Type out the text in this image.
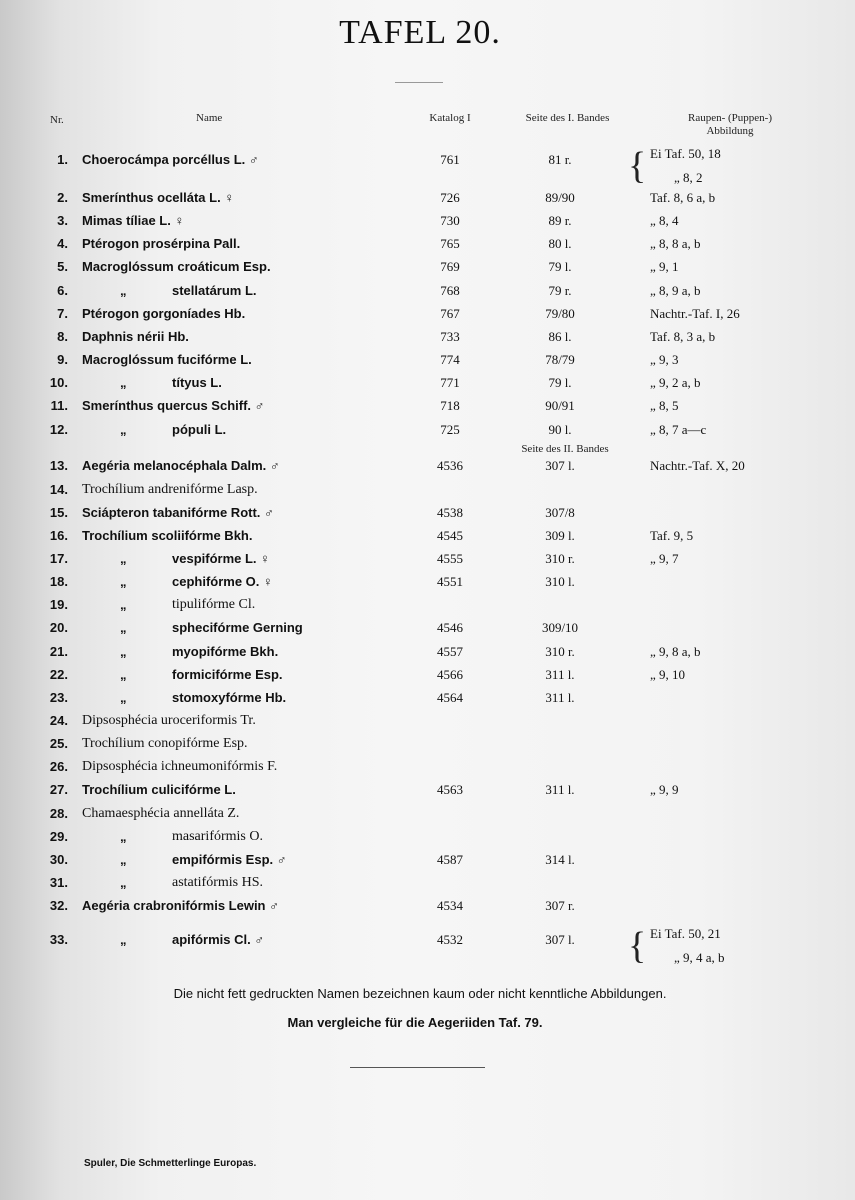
TAFEL 20.
Nr.	Name	Katalog I	Seite des I. Bandes	Raupen- (Puppen-)
Abbildung
Seite des II. Bandes
1. Choerocámpa porcéllus L. ♂	761	81 r.	Ei Taf. 50, 18
„ 8, 2
2. Smerínthus ocelláta L. ♀	726	89/90	Taf. 8, 6 a, b
3. Mimas tíliae L. ♀	730	89 r.	„ 8, 4
4. Ptérogon prosérpina Pall.	765	80 l.	„ 8, 8 a, b
5. Macroglóssum croáticum Esp.	769	79 l.	„ 9, 1
6.	„	stellatárum L.	768	79 r.	„ 8, 9 a, b
7. Ptérogon gorgoníades Hb.	767	79/80	Nachtr.-Taf. I, 26
8. Daphnis nérii Hb.	733	86 l.	Taf. 8, 3 a, b
9. Macroglóssum fucifórme L.	774	78/79	„ 9, 3
10.	„	títyus L.	771	79 l.	„ 9, 2 a, b
11. Smerínthus quercus Schiff. ♂	718	90/91	„ 8, 5
12.	„	pópuli L.	725	90 l.	„ 8, 7 a—c
13. Aegéria melanocéphala Dalm. ♂	4536	307 l.	Nachtr.-Taf. X, 20
14. Trochílium andrenifórme Lasp.
15. Sciápteron tabanifórme Rott. ♂	4538	307/8
16. Trochílium scoliifórme Bkh.	4545	309 l.	Taf. 9, 5
17.	„	vespifórme L. ♀	4555	310 r.	„ 9, 7
18.	„	cephifórme O. ♀	4551	310 l.
19.	„	tipulifórme Cl.
20.	„	sphecifórme Gerning	4546	309/10
21.	„	myopifórme Bkh.	4557	310 r.	„ 9, 8 a, b
22.	„	formicifórme Esp.	4566	311 l.	„ 9, 10
23.	„	stomoxyfórme Hb.	4564	311 l.
24. Dipsosphécia uroceriformis Tr.
25. Trochílium conopifórme Esp.
26. Dipsosphécia ichneumonifórmis F.
27. Trochílium culicifórme L.	4563	311 l.	„ 9, 9
28. Chamaesphécia annelláta Z.
29.	„	masarifórmis O.
30.	„	empifórmis Esp. ♂	4587	314 l.
31.	„	astatifórmis HS.
32. Aegéria crabronifórmis Lewin ♂	4534	307 r.
33.	„	apifórmis Cl. ♂	4532	307 l.	Ei Taf. 50, 21
„ 9, 4 a, b
{
{
Die nicht fett gedruckten Namen bezeichnen kaum oder nicht kenntliche Abbildungen.
Man vergleiche für die Aegeriiden Taf. 79.
Spuler, Die Schmetterlinge Europas.
